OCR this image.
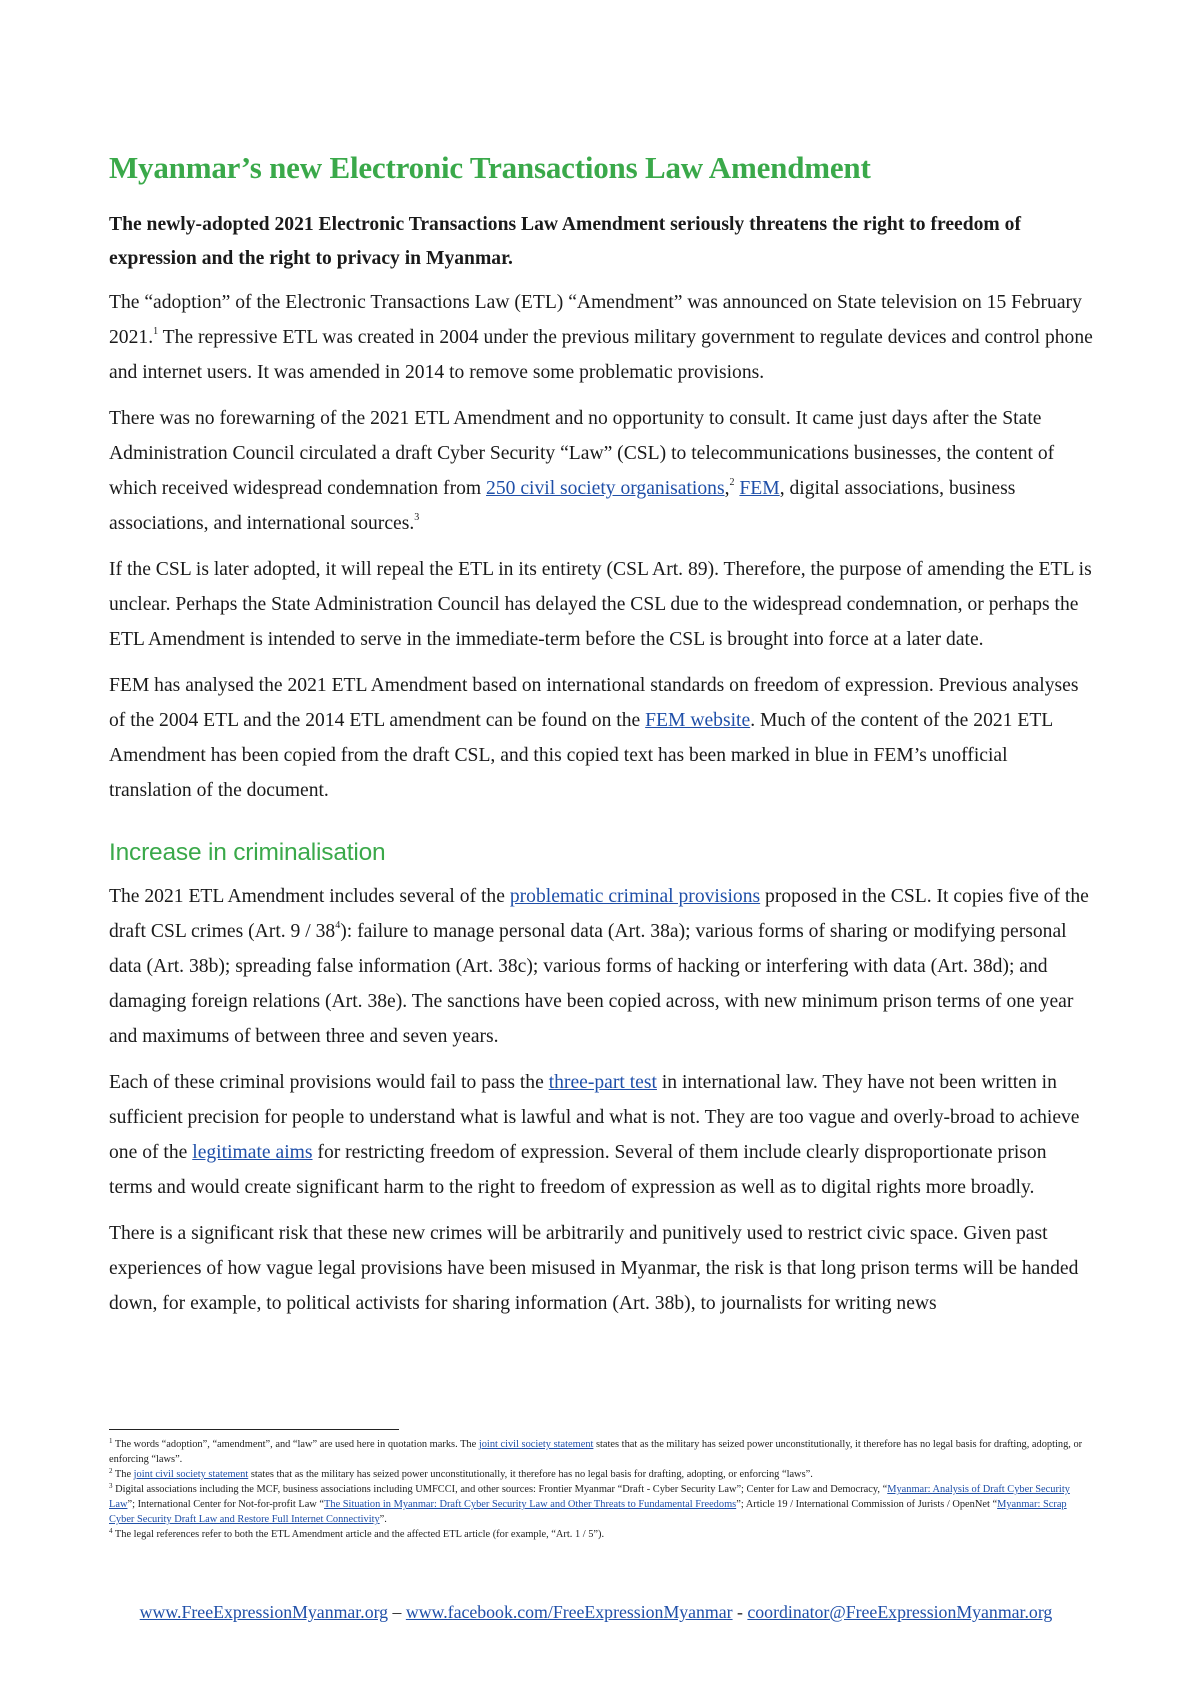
Myanmar’s new Electronic Transactions Law Amendment

The newly-adopted 2021 Electronic Transactions Law Amendment seriously threatens the right to freedom of expression and the right to privacy in Myanmar.

The “adoption” of the Electronic Transactions Law (ETL) “Amendment” was announced on State television on 15 February 2021.$^1$ The repressive ETL was created in 2004 under the previous military government to regulate devices and control phone and internet users. It was amended in 2014 to remove some problematic provisions.

There was no forewarning of the 2021 ETL Amendment and no opportunity to consult. It came just days after the State Administration Council circulated a draft Cyber Security “Law” (CSL) to telecommunications businesses, the content of which received widespread condemnation from 250 civil society organisations,$^2$ FEM, digital associations, business associations, and international sources.$^3$

If the CSL is later adopted, it will repeal the ETL in its entirety (CSL Art. 89). Therefore, the purpose of amending the ETL is unclear. Perhaps the State Administration Council has delayed the CSL due to the widespread condemnation, or perhaps the ETL Amendment is intended to serve in the immediate-term before the CSL is brought into force at a later date.

FEM has analysed the 2021 ETL Amendment based on international standards on freedom of expression. Previous analyses of the 2004 ETL and the 2014 ETL amendment can be found on the FEM website. Much of the content of the 2021 ETL Amendment has been copied from the draft CSL, and this copied text has been marked in blue in FEM’s unofficial translation of the document.

Increase in criminalisation

The 2021 ETL Amendment includes several of the problematic criminal provisions proposed in the CSL. It copies five of the draft CSL crimes (Art. $9 / 38^4$): failure to manage personal data (Art. 38a); various forms of sharing or modifying personal data (Art. 38b); spreading false information (Art. 38c); various forms of hacking or interfering with data (Art. 38d); and damaging foreign relations (Art. 38e). The sanctions have been copied across, with new minimum prison terms of one year and maximums of between three and seven years.

Each of these criminal provisions would fail to pass the three-part test in international law. They have not been written in sufficient precision for people to understand what is lawful and what is not. They are too vague and overly-broad to achieve one of the legitimate aims for restricting freedom of expression. Several of them include clearly disproportionate prison terms and would create significant harm to the right to freedom of expression as well as to digital rights more broadly.

There is a significant risk that these new crimes will be arbitrarily and punitively used to restrict civic space. Given past experiences of how vague legal provisions have been misused in Myanmar, the risk is that long prison terms will be handed down, for example, to political activists for sharing information (Art. 38b), to journalists for writing news

$^1$ The words “adoption”, “amendment”, and “law” are used here in quotation marks. The joint civil society statement states that as the military has seized power unconstitutionally, it therefore has no legal basis for drafting, adopting, or enforcing “laws”.
$^2$ The joint civil society statement states that as the military has seized power unconstitutionally, it therefore has no legal basis for drafting, adopting, or enforcing “laws”.
$^3$ Digital associations including the MCF, business associations including UMFCCI, and other sources: Frontier Myanmar “Draft - Cyber Security Law”; Center for Law and Democracy, “Myanmar: Analysis of Draft Cyber Security Law”; International Center for Not-for-profit Law “The Situation in Myanmar: Draft Cyber Security Law and Other Threats to Fundamental Freedoms”; Article 19 / International Commission of Jurists / OpenNet “Myanmar: Scrap Cyber Security Draft Law and Restore Full Internet Connectivity”.
$^4$ The legal references refer to both the ETL Amendment article and the affected ETL article (for example, “Art. 1 / 5”).
www.FreeExpressionMyanmar.org – www.facebook.com/FreeExpressionMyanmar - coordinator@FreeExpressionMyanmar.org
